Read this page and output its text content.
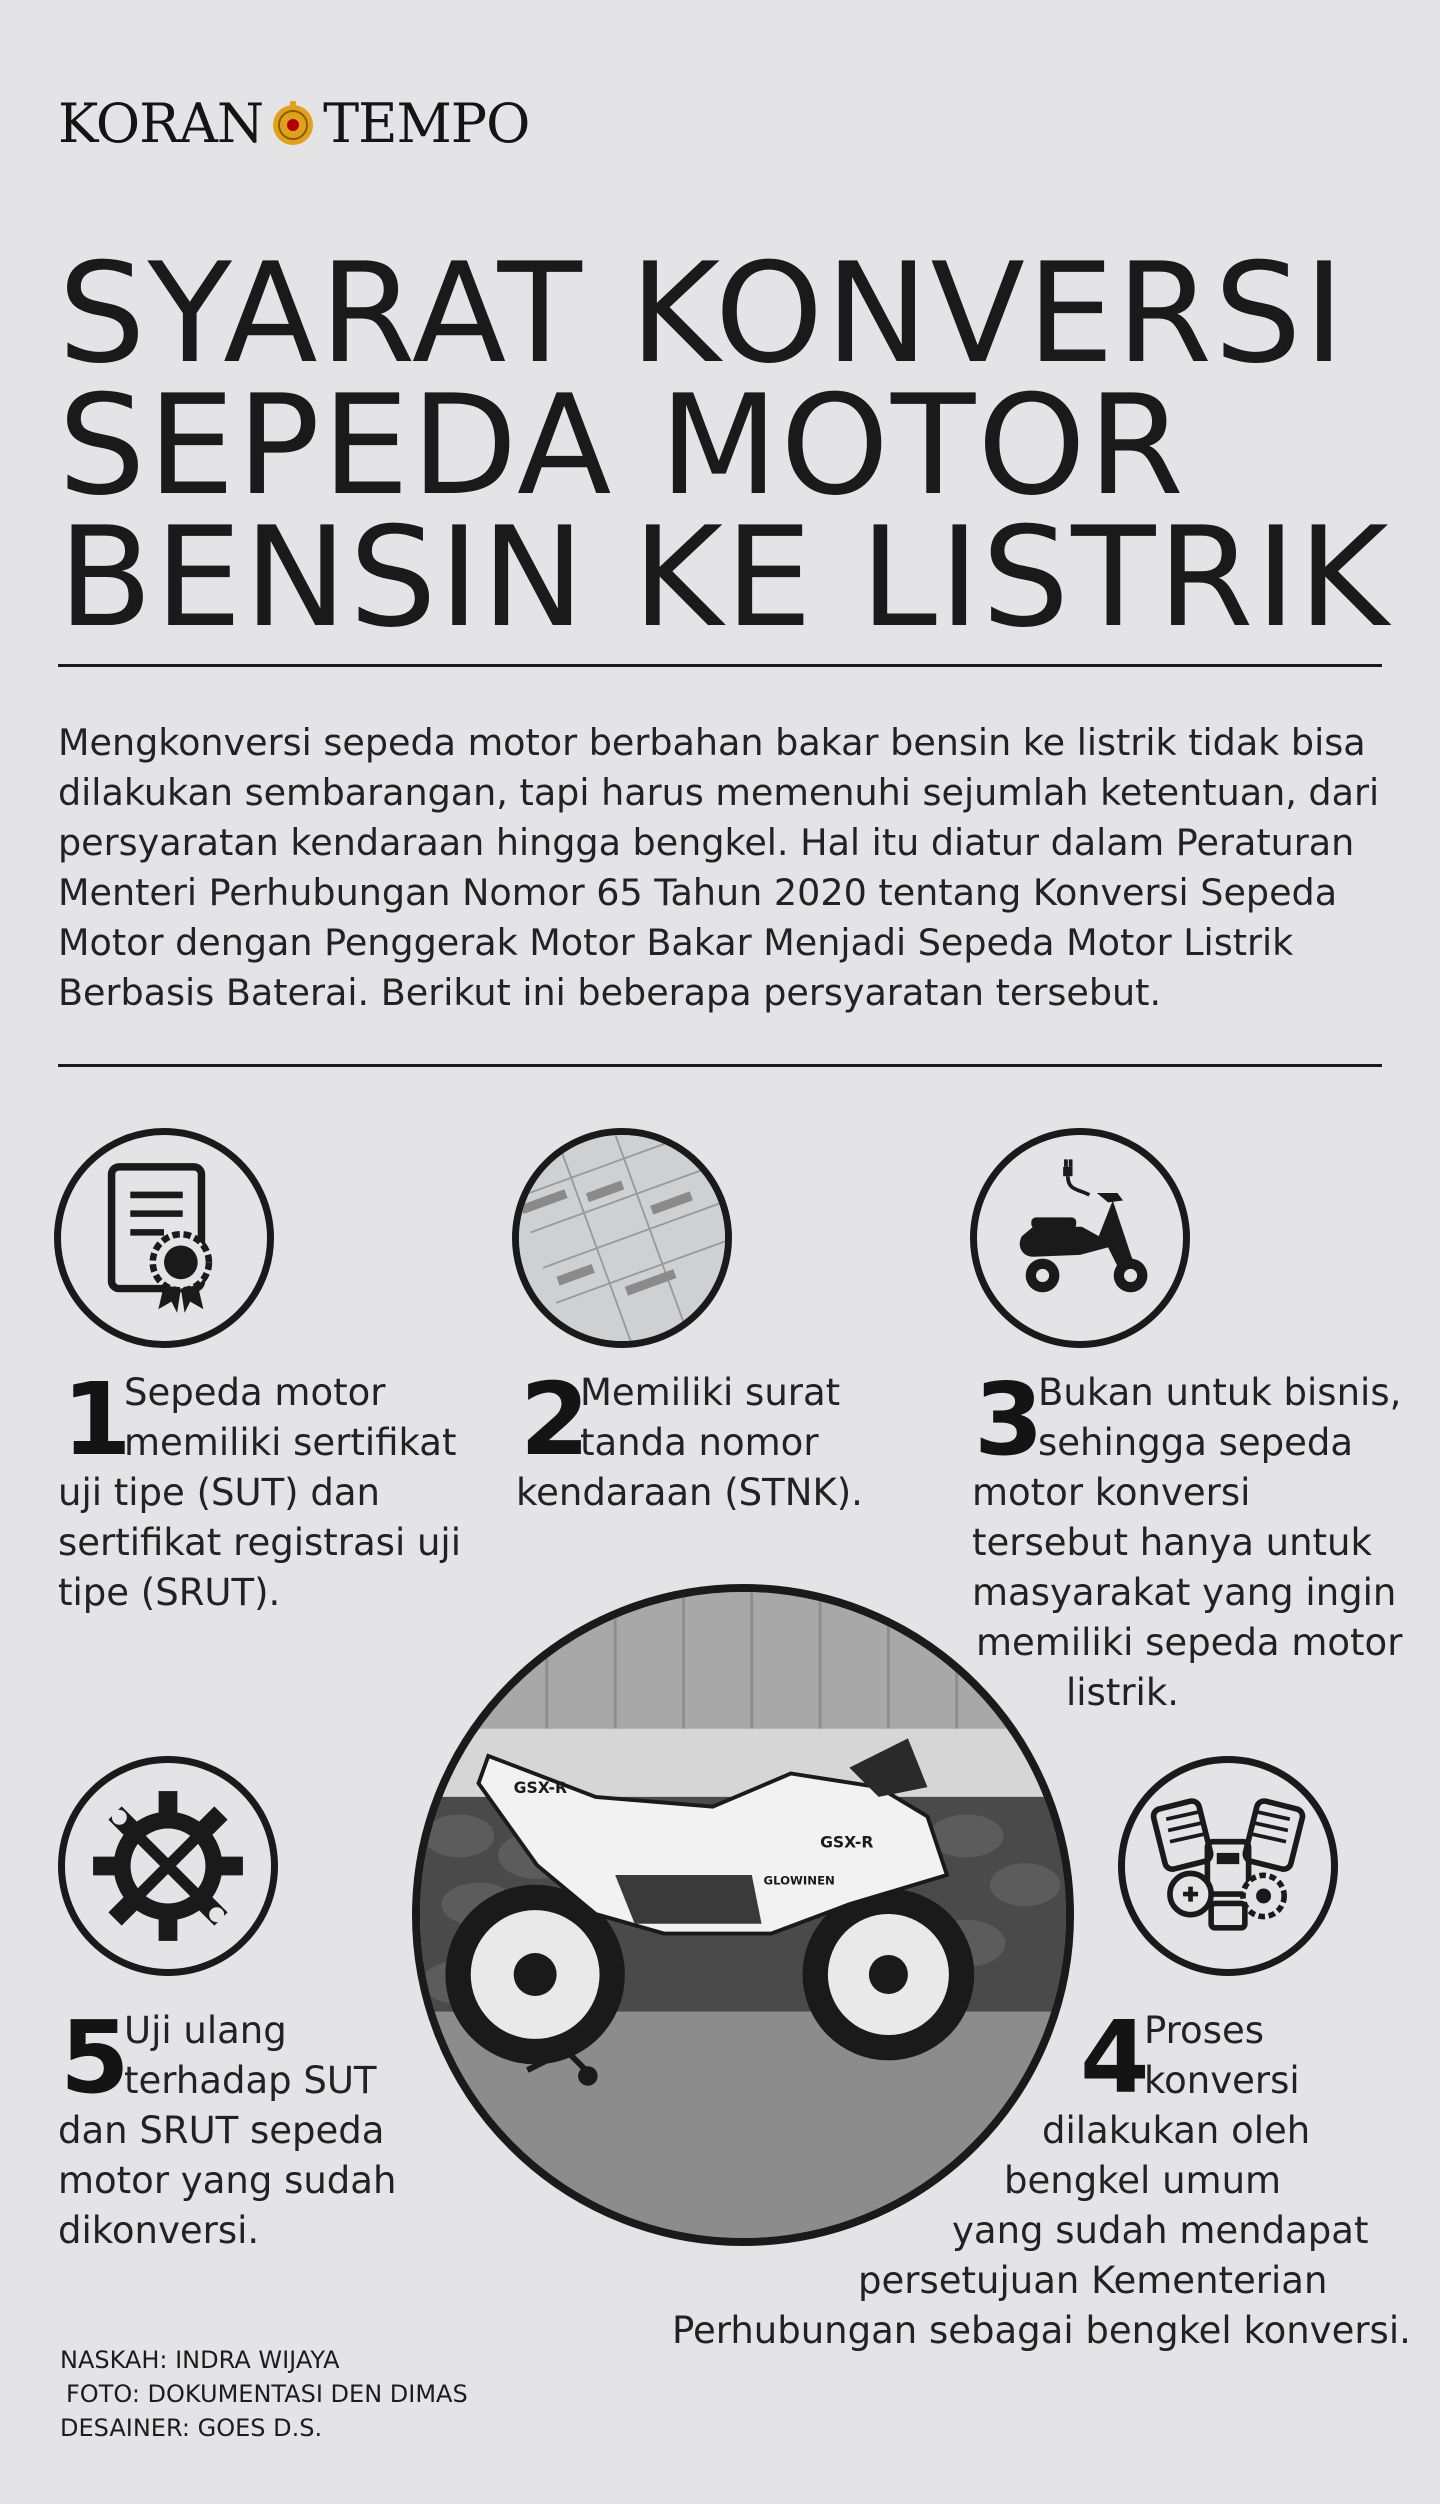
KORAN TEMPO
SYARAT KONVERSI
SEPEDA MOTOR
BENSIN KE LISTRIK
Mengkonversi sepeda motor berbahan bakar bensin ke listrik tidak bisa
dilakukan sembarangan, tapi harus memenuhi sejumlah ketentuan, dari
persyaratan kendaraan hingga bengkel. Hal itu diatur dalam Peraturan
Menteri Perhubungan Nomor 65 Tahun 2020 tentang Konversi Sepeda
Motor dengan Penggerak Motor Bakar Menjadi Sepeda Motor Listrik
Berbasis Baterai. Berikut ini beberapa persyaratan tersebut.
1
Sepeda motor
memiliki sertifikat
uji tipe (SUT) dan
sertifikat registrasi uji
tipe (SRUT).
2
Memiliki surat
tanda nomor
kendaraan (STNK).
3
Bukan untuk bisnis,
sehingga sepeda
motor konversi
tersebut hanya untuk
masyarakat yang ingin
memiliki sepeda motor
listrik.
GSX-R
GSX-R
GLOWINEN
5
Uji ulang
terhadap SUT
dan SRUT sepeda
motor yang sudah
dikonversi.
4
Proses
konversi
dilakukan oleh
bengkel umum
yang sudah mendapat
persetujuan Kementerian
Perhubungan sebagai bengkel konversi.
NASKAH: INDRA WIJAYA
FOTO: DOKUMENTASI DEN DIMAS
DESAINER: GOES D.S.
